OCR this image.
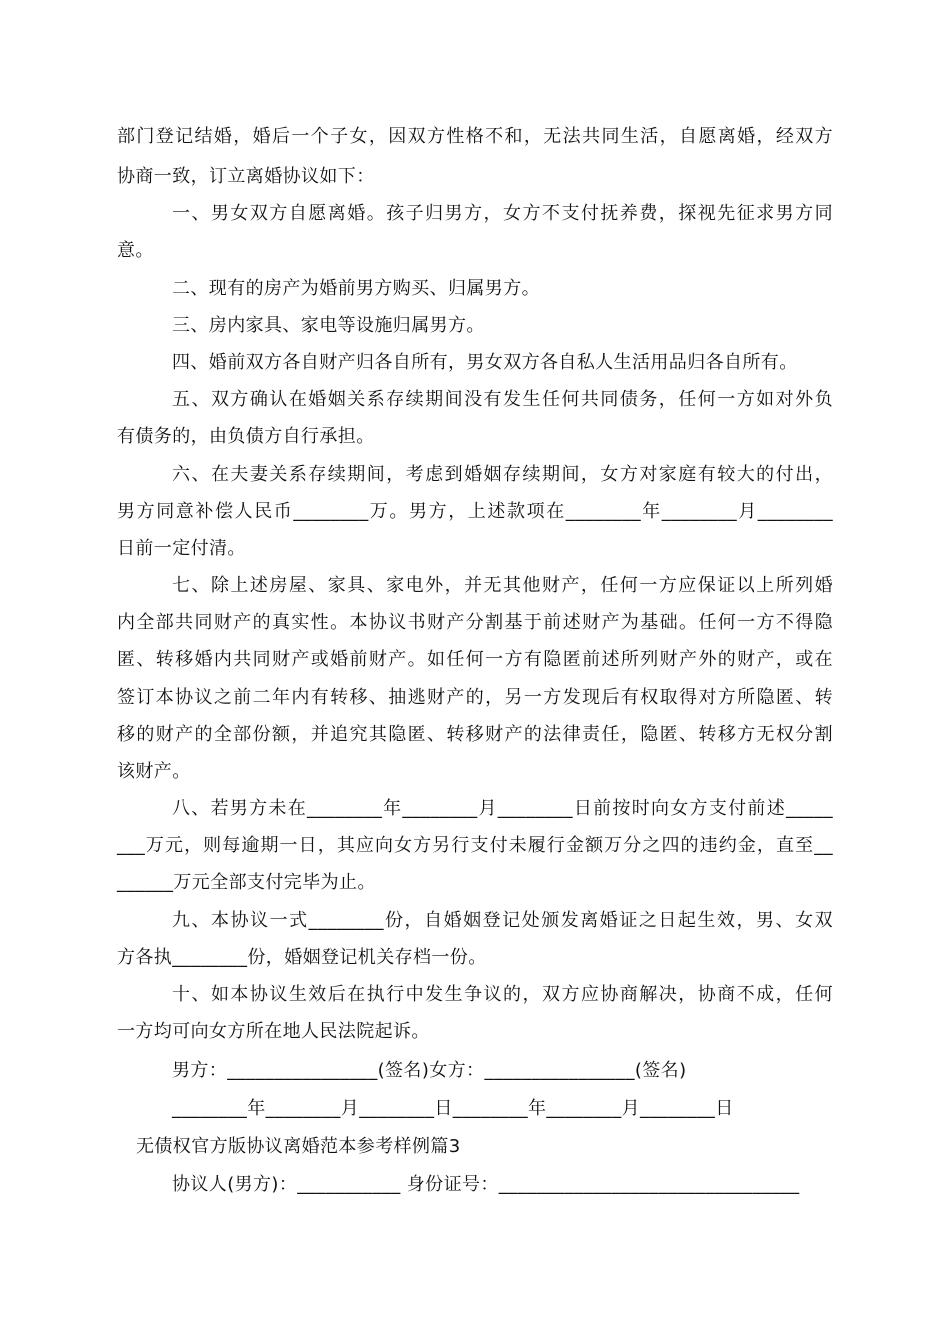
部门登记结婚，婚后一个子女，因双方性格不和，无法共同生活，自愿离婚，经双方
协商一致，订立离婚协议如下：
一、男女双方自愿离婚。孩子归男方，女方不支付抚养费，探视先征求男方同
意。
二、现有的房产为婚前男方购买、归属男方。
三、房内家具、家电等设施归属男方。
四、婚前双方各自财产归各自所有，男女双方各自私人生活用品归各自所有。
五、双方确认在婚姻关系存续期间没有发生任何共同债务，任何一方如对外负
有债务的，由负债方自行承担。
六、在夫妻关系存续期间，考虑到婚姻存续期间，女方对家庭有较大的付出，
男方同意补偿人民币________万。男方，上述款项在________年________月________
日前一定付清。
七、除上述房屋、家具、家电外，并无其他财产，任何一方应保证以上所列婚
内全部共同财产的真实性。本协议书财产分割基于前述财产为基础。任何一方不得隐
匿、转移婚内共同财产或婚前财产。如任何一方有隐匿前述所列财产外的财产，或在
签订本协议之前二年内有转移、抽逃财产的，另一方发现后有权取得对方所隐匿、转
移的财产的全部份额，并追究其隐匿、转移财产的法律责任，隐匿、转移方无权分割
该财产。
八、若男方未在________年________月________日前按时向女方支付前述_____
___万元，则每逾期一日，其应向女方另行支付未履行金额万分之四的违约金，直至__
______万元全部支付完毕为止。
九、本协议一式________份，自婚姻登记处颁发离婚证之日起生效，男、女双
方各执________份，婚姻登记机关存档一份。
十、如本协议生效后在执行中发生争议的，双方应协商解决，协商不成，任何
一方均可向女方所在地人民法院起诉。
男方：________________(签名)女方：________________(签名)
________年________月________日________年________月________日
无债权官方版协议离婚范本参考样例篇3
协议人(男方)：___________ 身份证号：________________________________
